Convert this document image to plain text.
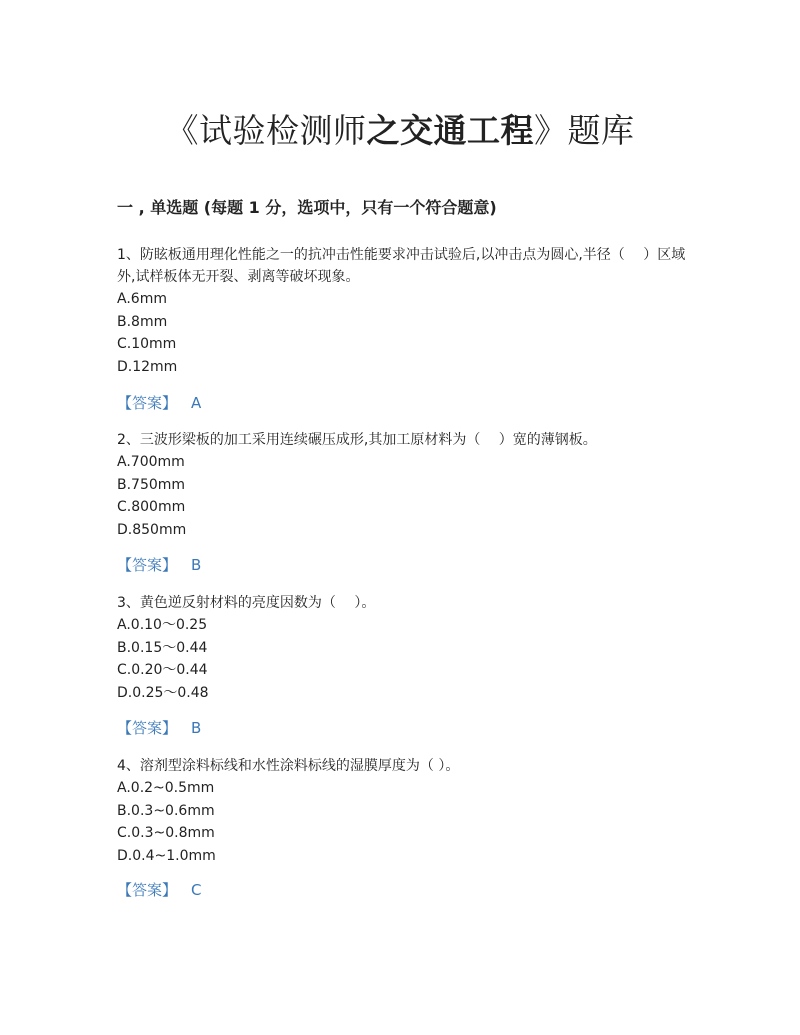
《试验检测师之交通工程》题库
一 , 单选题 (每题 1 分，选项中，只有一个符合题意)

1、防眩板通用理化性能之一的抗冲击性能要求冲击试验后,以冲击点为圆心,半径（　 ）区域外,试样板体无开裂、剥离等破坏现象。

A.6mm

B.8mm

C.10mm

D.12mm

【答案】 A

2、三波形梁板的加工采用连续碾压成形,其加工原材料为（　 ）宽的薄钢板。

A.700mm

B.750mm

C.800mm

D.850mm

【答案】 B

3、黄色逆反射材料的亮度因数为（　 ）。

A.0.10～0.25

B.0.15～0.44

C.0.20～0.44

D.0.25～0.48

【答案】 B

4、溶剂型涂料标线和水性涂料标线的湿膜厚度为（ ）。

A.0.2~0.5mm

B.0.3~0.6mm

C.0.3~0.8mm

D.0.4~1.0mm

【答案】 C
